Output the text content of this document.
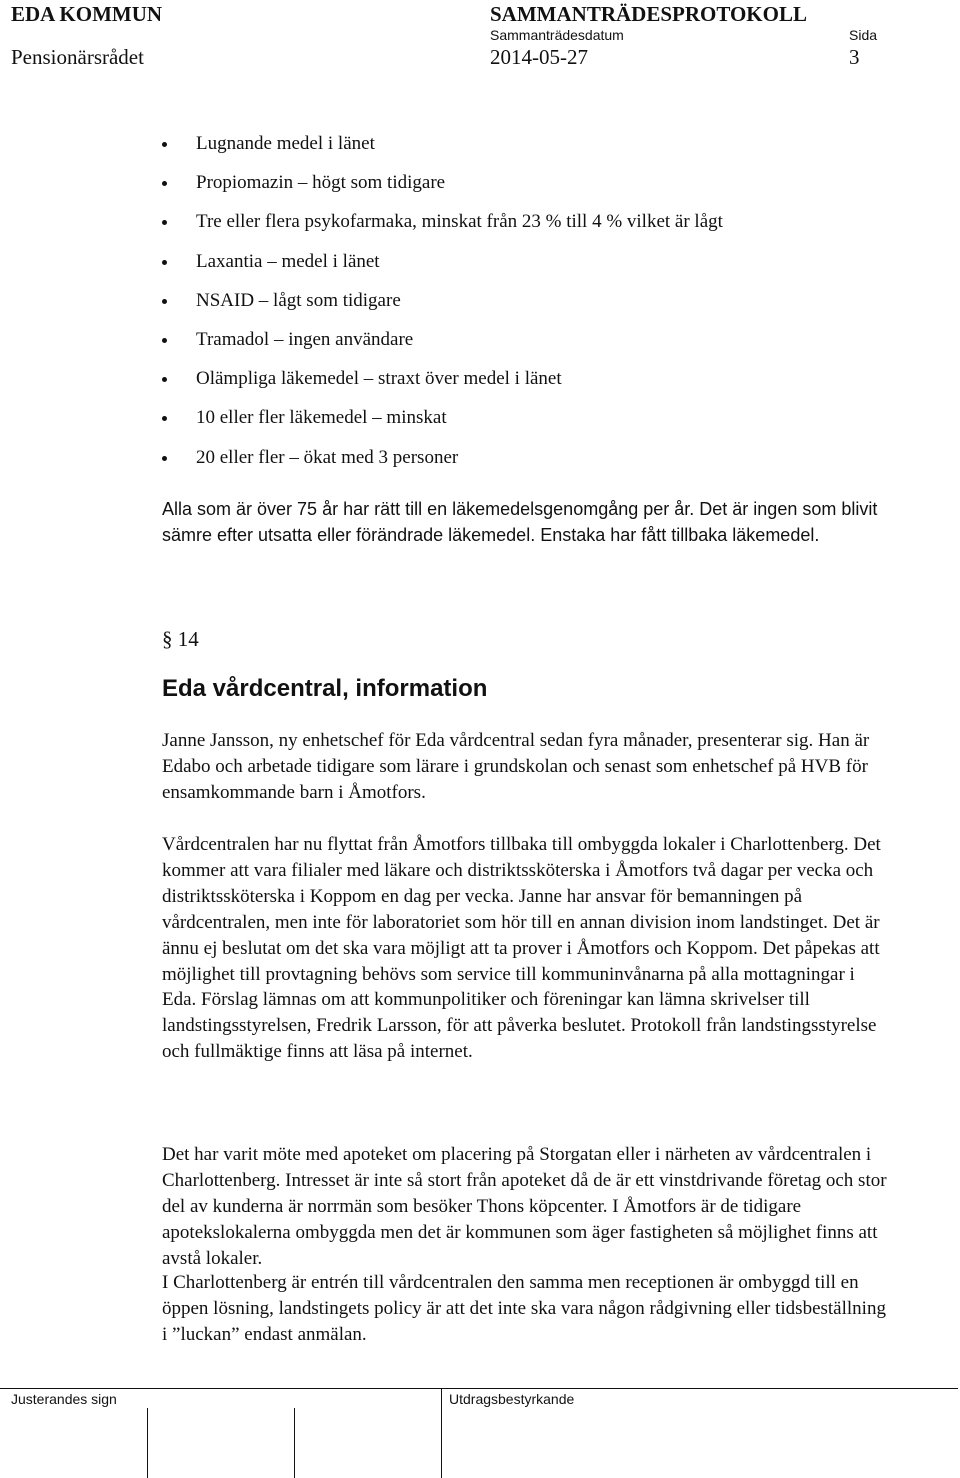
EDA KOMMUN	SAMMANTRÄDESPROTOKOLL
Sammanträdesdatum	Sida
Pensionärsrådet	2014-05-27	3
Lugnande medel i länet
Propiomazin – högt som tidigare
Tre eller flera psykofarmaka, minskat från 23 % till 4 % vilket är lågt
Laxantia – medel i länet
NSAID – lågt som tidigare
Tramadol – ingen användare
Olämpliga läkemedel – straxt över medel i länet
10 eller fler läkemedel – minskat
20 eller fler – ökat med 3 personer

Alla som är över 75 år har rätt till en läkemedelsgenomgång per år. Det är ingen som blivit sämre efter utsatta eller förändrade läkemedel. Enstaka har fått tillbaka läkemedel.

§ 14
Eda vårdcentral, information

Janne Jansson, ny enhetschef för Eda vårdcentral sedan fyra månader, presenterar sig. Han är Edabo och arbetade tidigare som lärare i grundskolan och senast som enhetschef på HVB för ensamkommande barn i Åmotfors.

Vårdcentralen har nu flyttat från Åmotfors tillbaka till ombyggda lokaler i Charlottenberg. Det kommer att vara filialer med läkare och distriktssköterska i Åmotfors två dagar per vecka och distriktssköterska i Koppom en dag per vecka. Janne har ansvar för bemanningen på vårdcentralen, men inte för laboratoriet som hör till en annan division inom landstinget. Det är ännu ej beslutat om det ska vara möjligt att ta prover i Åmotfors och Koppom. Det påpekas att möjlighet till provtagning behövs som service till kommuninvånarna på alla mottagningar i Eda. Förslag lämnas om att kommunpolitiker och föreningar kan lämna skrivelser till landstingsstyrelsen, Fredrik Larsson, för att påverka beslutet. Protokoll från landstingsstyrelse och fullmäktige finns att läsa på internet.

Det har varit möte med apoteket om placering på Storgatan eller i närheten av vårdcentralen i Charlottenberg. Intresset är inte så stort från apoteket då de är ett vinstdrivande företag och stor del av kunderna är norrmän som besöker Thons köpcenter. I Åmotfors är de tidigare apotekslokalerna ombyggda men det är kommunen som äger fastigheten så möjlighet finns att avstå lokaler.

I Charlottenberg är entrén till vårdcentralen den samma men receptionen är ombyggd till en öppen lösning, landstingets policy är att det inte ska vara någon rådgivning eller tidsbeställning i ”luckan” endast anmälan.

Justerandes sign	Utdragsbestyrkande
